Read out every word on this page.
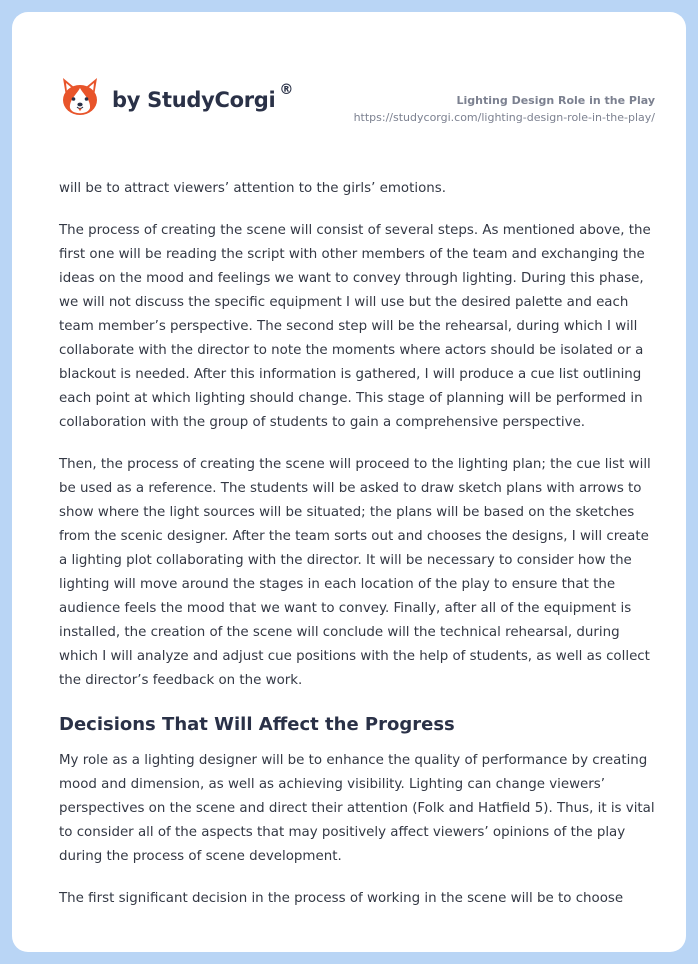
by StudyCorgi ®
Lighting Design Role in the Play
https://studycorgi.com/lighting-design-role-in-the-play/

will be to attract viewers’ attention to the girls’ emotions.

The process of creating the scene will consist of several steps. As mentioned above, the first one will be reading the script with other members of the team and exchanging the ideas on the mood and feelings we want to convey through lighting. During this phase, we will not discuss the specific equipment I will use but the desired palette and each team member’s perspective. The second step will be the rehearsal, during which I will collaborate with the director to note the moments where actors should be isolated or a blackout is needed. After this information is gathered, I will produce a cue list outlining each point at which lighting should change. This stage of planning will be performed in collaboration with the group of students to gain a comprehensive perspective.

Then, the process of creating the scene will proceed to the lighting plan; the cue list will be used as a reference. The students will be asked to draw sketch plans with arrows to show where the light sources will be situated; the plans will be based on the sketches from the scenic designer. After the team sorts out and chooses the designs, I will create a lighting plot collaborating with the director. It will be necessary to consider how the lighting will move around the stages in each location of the play to ensure that the audience feels the mood that we want to convey. Finally, after all of the equipment is installed, the creation of the scene will conclude will the technical rehearsal, during which I will analyze and adjust cue positions with the help of students, as well as collect the director’s feedback on the work.

Decisions That Will Affect the Progress

My role as a lighting designer will be to enhance the quality of performance by creating mood and dimension, as well as achieving visibility. Lighting can change viewers’ perspectives on the scene and direct their attention (Folk and Hatfield 5). Thus, it is vital to consider all of the aspects that may positively affect viewers’ opinions of the play during the process of scene development.

The first significant decision in the process of working in the scene will be to choose
